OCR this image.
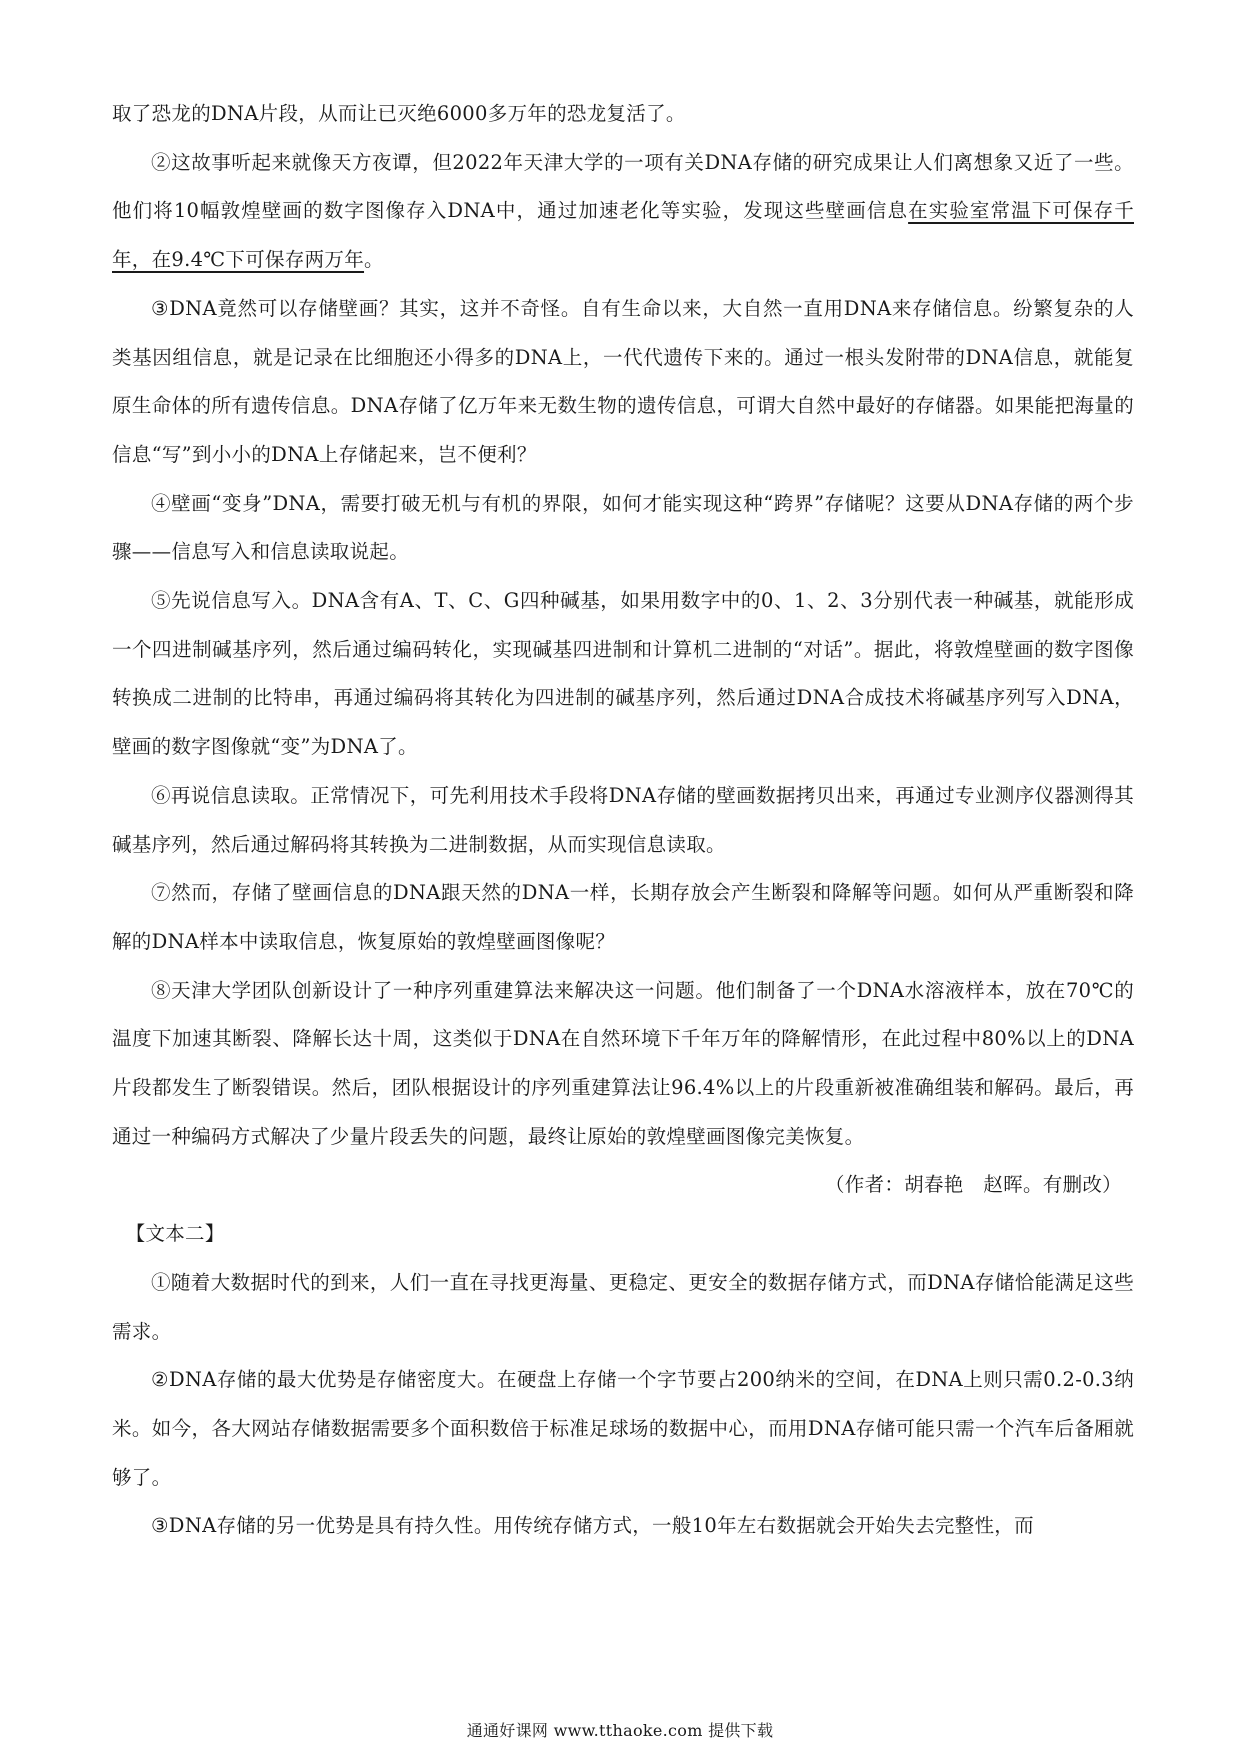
取了恐龙的DNA片段，从而让已灭绝6000多万年的恐龙复活了。

②这故事听起来就像天方夜谭，但2022年天津大学的一项有关DNA存储的研究成果让人们离想象又近了一些。他们将10幅敦煌壁画的数字图像存入DNA中，通过加速老化等实验，发现这些壁画信息在实验室常温下可保存千年，在9.4℃下可保存两万年。

③DNA竟然可以存储壁画？其实，这并不奇怪。自有生命以来，大自然一直用DNA来存储信息。纷繁复杂的人类基因组信息，就是记录在比细胞还小得多的DNA上，一代代遗传下来的。通过一根头发附带的DNA信息，就能复原生命体的所有遗传信息。DNA存储了亿万年来无数生物的遗传信息，可谓大自然中最好的存储器。如果能把海量的信息“写”到小小的DNA上存储起来，岂不便利？

④壁画“变身”DNA，需要打破无机与有机的界限，如何才能实现这种“跨界”存储呢？这要从DNA存储的两个步骤——信息写入和信息读取说起。

⑤先说信息写入。DNA含有A、T、C、G四种碱基，如果用数字中的0、1、2、3分别代表一种碱基，就能形成一个四进制碱基序列，然后通过编码转化，实现碱基四进制和计算机二进制的“对话”。据此，将敦煌壁画的数字图像转换成二进制的比特串，再通过编码将其转化为四进制的碱基序列，然后通过DNA合成技术将碱基序列写入DNA，壁画的数字图像就“变”为DNA了。

⑥再说信息读取。正常情况下，可先利用技术手段将DNA存储的壁画数据拷贝出来，再通过专业测序仪器测得其碱基序列，然后通过解码将其转换为二进制数据，从而实现信息读取。

⑦然而，存储了壁画信息的DNA跟天然的DNA一样，长期存放会产生断裂和降解等问题。如何从严重断裂和降解的DNA样本中读取信息，恢复原始的敦煌壁画图像呢？

⑧天津大学团队创新设计了一种序列重建算法来解决这一问题。他们制备了一个DNA水溶液样本，放在70℃的温度下加速其断裂、降解长达十周，这类似于DNA在自然环境下千年万年的降解情形，在此过程中80%以上的DNA片段都发生了断裂错误。然后，团队根据设计的序列重建算法让96.4%以上的片段重新被准确组装和解码。最后，再通过一种编码方式解决了少量片段丢失的问题，最终让原始的敦煌壁画图像完美恢复。

（作者：胡春艳　赵晖。有删改）

【文本二】

①随着大数据时代的到来，人们一直在寻找更海量、更稳定、更安全的数据存储方式，而DNA存储恰能满足这些需求。

②DNA存储的最大优势是存储密度大。在硬盘上存储一个字节要占200纳米的空间，在DNA上则只需0.2-0.3纳米。如今，各大网站存储数据需要多个面积数倍于标准足球场的数据中心，而用DNA存储可能只需一个汽车后备厢就够了。

③DNA存储的另一优势是具有持久性。用传统存储方式，一般10年左右数据就会开始失去完整性，而

通通好课网 www.tthaoke.com 提供下载
